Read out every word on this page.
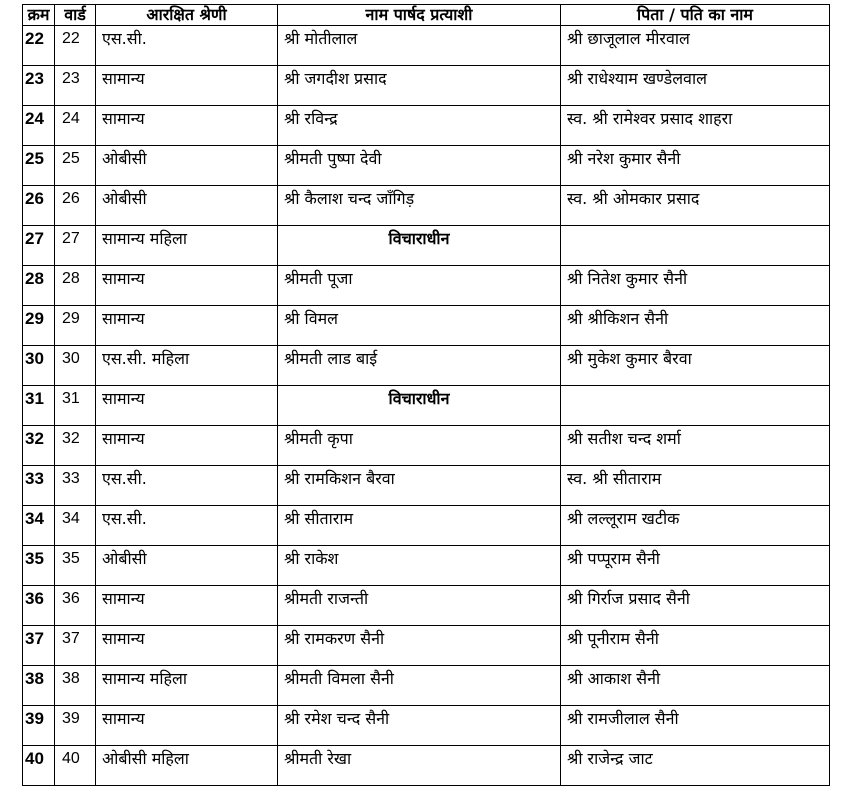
क्रम	वार्ड	आरक्षित श्रेणी	नाम पार्षद प्रत्याशी	पिता / पति का नाम
22	22	एस.सी.	श्री मोतीलाल	श्री छाजूलाल मीरवाल
23	23	सामान्य	श्री जगदीश प्रसाद	श्री राधेश्याम खण्डेलवाल
24	24	सामान्य	श्री रविन्द्र	स्व. श्री रामेश्वर प्रसाद शाहरा
25	25	ओबीसी	श्रीमती पुष्पा देवी	श्री नरेश कुमार सैनी
26	26	ओबीसी	श्री कैलाश चन्द जाँगिड़	स्व. श्री ओमकार प्रसाद
27	27	सामान्य महिला	विचाराधीन	
28	28	सामान्य	श्रीमती पूजा	श्री नितेश कुमार सैनी
29	29	सामान्य	श्री विमल	श्री श्रीकिशन सैनी
30	30	एस.सी. महिला	श्रीमती लाड बाई	श्री मुकेश कुमार बैरवा
31	31	सामान्य	विचाराधीन	
32	32	सामान्य	श्रीमती कृपा	श्री सतीश चन्द शर्मा
33	33	एस.सी.	श्री रामकिशन बैरवा	स्व. श्री सीताराम
34	34	एस.सी.	श्री सीताराम	श्री लल्लूराम खटीक
35	35	ओबीसी	श्री राकेश	श्री पप्पूराम सैनी
36	36	सामान्य	श्रीमती राजन्ती	श्री गिर्राज प्रसाद सैनी
37	37	सामान्य	श्री रामकरण सैनी	श्री पूनीराम सैनी
38	38	सामान्य महिला	श्रीमती विमला सैनी	श्री आकाश सैनी
39	39	सामान्य	श्री रमेश चन्द सैनी	श्री रामजीलाल सैनी
40	40	ओबीसी महिला	श्रीमती रेखा	श्री राजेन्द्र जाट
